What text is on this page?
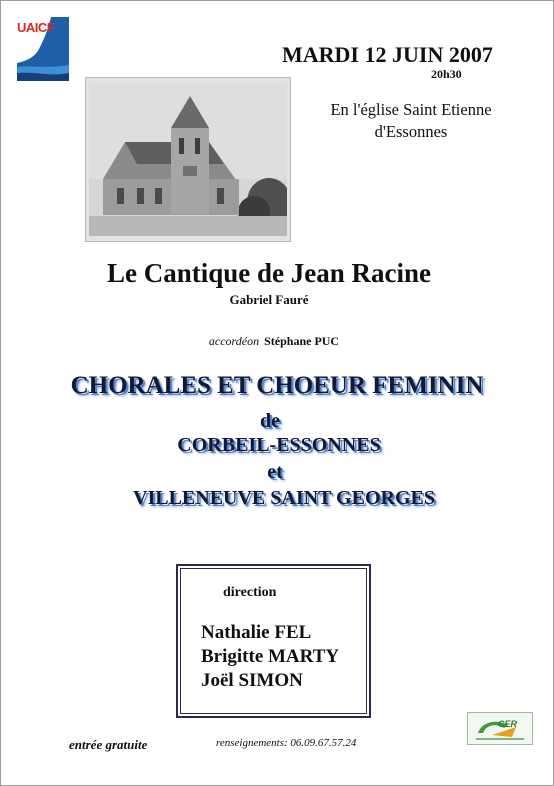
UAICF
MARDI 12 JUIN 2007
20h30
En l'église Saint Etienne
d'Essonnes
Le Cantique de Jean Racine
Gabriel Fauré
accordéon Stéphane PUC
CHORALES ET CHOEUR FEMININ
de
CORBEIL-ESSONNES
et
VILLENEUVE SAINT GEORGES
direction
Nathalie FEL
Brigitte MARTY
Joël SIMON
entrée gratuite	renseignements: 06.09.67.57.24
CER
